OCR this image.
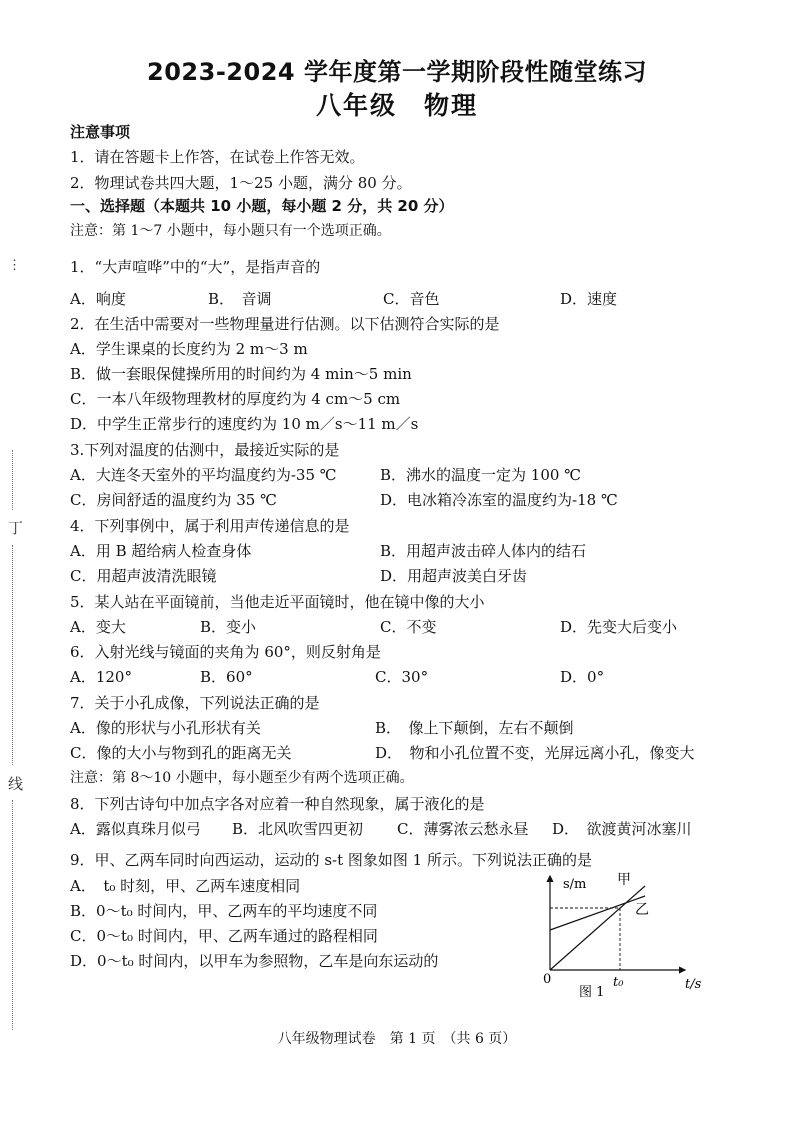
2023-2024 学年度第一学期阶段性随堂练习
八年级　物理
注意事项
1．请在答题卡上作答，在试卷上作答无效。
2．物理试卷共四大题，1～25 小题，满分 80 分。
一、选择题（本题共 10 小题，每小题 2 分，共 20 分）
注意：第 1～7 小题中，每小题只有一个选项正确。
1．“大声喧哗”中的“大”，是指声音的
A．响度	B．　音调	C．音色	D．速度
2．在生活中需要对一些物理量进行估测。以下估测符合实际的是
A．学生课桌的长度约为 2 m～3 m
B．做一套眼保健操所用的时间约为 4 min～5 min
C．一本八年级物理教材的厚度约为 4 cm～5 cm
D．中学生正常步行的速度约为 10 m／s～11 m／s
3.下列对温度的估测中，最接近实际的是
A．大连冬天室外的平均温度约为-35 ℃	B．沸水的温度一定为 100 ℃
C．房间舒适的温度约为 35 ℃	D．电冰箱冷冻室的温度约为-18 ℃
4．下列事例中，属于利用声传递信息的是
A．用 B 超给病人检查身体	B．用超声波击碎人体内的结石
C．用超声波清洗眼镜	D．用超声波美白牙齿
5．某人站在平面镜前，当他走近平面镜时，他在镜中像的大小
A．变大	B．变小	C．不变	D．先变大后变小
6．入射光线与镜面的夹角为 60°，则反射角是
A．120°	B．60°	C．30°	D．0°
7．关于小孔成像，下列说法正确的是
A．像的形状与小孔形状有关	B．　像上下颠倒，左右不颠倒
C．像的大小与物到孔的距离无关	D．　物和小孔位置不变，光屏远离小孔，像变大
注意：第 8～10 小题中，每小题至少有两个选项正确。
8．下列古诗句中加点字各对应着一种自然现象，属于液化的是
A．露似真珠月似弓 B．北风吹雪四更初 C．薄雾浓云愁永昼 D．　欲渡黄河冰塞川
9．甲、乙两车同时向西运动，运动的 s-t 图象如图 1 所示。下列说法正确的是
A．　t₀ 时刻，甲、乙两车速度相同
B．0～t₀ 时间内，甲、乙两车的平均速度不同
C．0～t₀ 时间内，甲、乙两车通过的路程相同
D．0～t₀ 时间内，以甲车为参照物，乙车是向东运动的
s/m
t/s
0	t₀
甲
乙
图 1
⋮
丁
线
八年级物理试卷　第 1 页　（共 6 页）
